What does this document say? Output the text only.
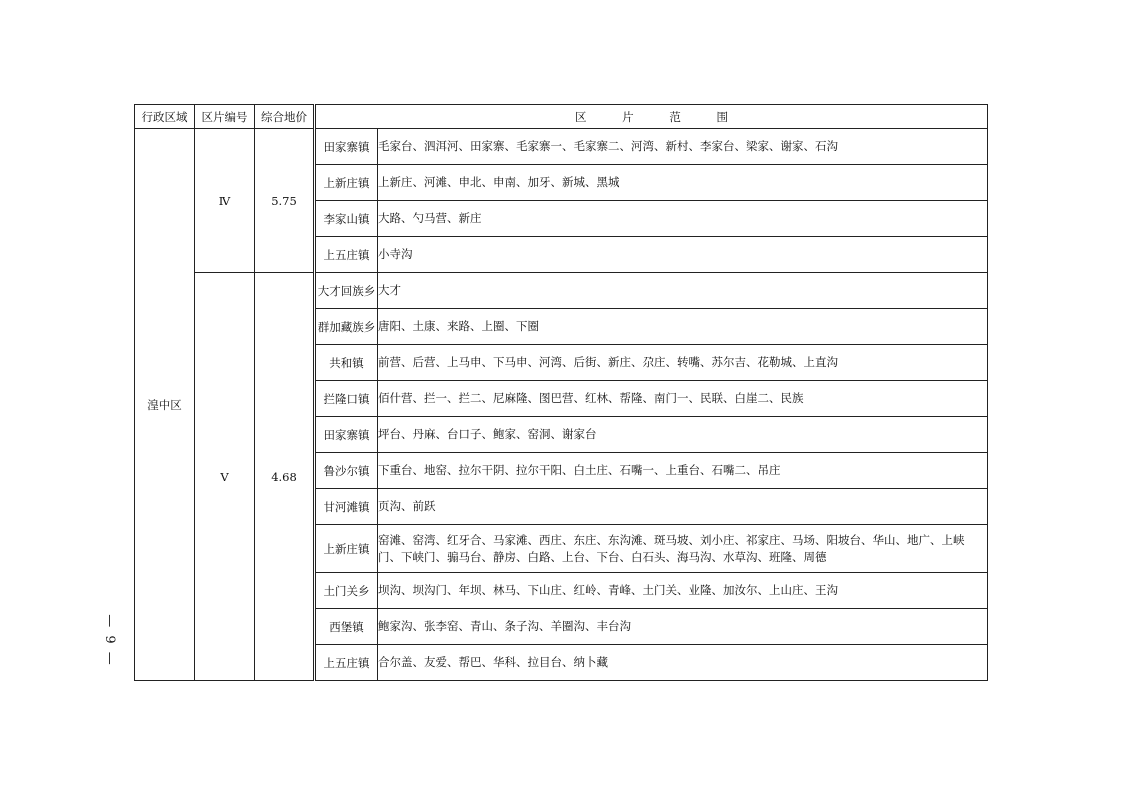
行政区域	区片编号	综合地价	区 片 范 围	
湟中区	Ⅳ	5.75	田家寨镇	毛家台、泗洱河、田家寨、毛家寨一、毛家寨二、河湾、新村、李家台、梁家、谢家、石沟
			上新庄镇	上新庄、河滩、申北、申南、加牙、新城、黑城
			李家山镇	大路、勺马营、新庄
			上五庄镇	小寺沟
	Ⅴ	4.68	大才回族乡	大才
			群加藏族乡	唐阳、土康、来路、上圈、下圈
			共和镇	前营、后营、上马申、下马申、河湾、后街、新庄、尕庄、转嘴、苏尔吉、花勒城、上直沟
			拦隆口镇	佰什营、拦一、拦二、尼麻隆、图巴营、红林、帮隆、南门一、民联、白崖二、民族
			田家寨镇	坪台、丹麻、台口子、鲍家、窑洞、谢家台
			鲁沙尔镇	下重台、地窑、拉尔干阴、拉尔干阳、白土庄、石嘴一、上重台、石嘴二、吊庄
			甘河滩镇	页沟、前跃
			上新庄镇	窑滩、窑湾、红牙合、马家滩、西庄、东庄、东沟滩、斑马坡、刘小庄、祁家庄、马场、阳坡台、华山、地广、上峡门、下峡门、骟马台、静房、白路、上台、下台、白石头、海马沟、水草沟、班隆、周德
			土门关乡	坝沟、坝沟门、年坝、林马、下山庄、红岭、青峰、土门关、业隆、加汝尔、上山庄、王沟
			西堡镇	鲍家沟、张李窑、青山、条子沟、羊圈沟、丰台沟
			上五庄镇	合尔盖、友爱、帮巴、华科、拉目台、纳卜藏
— 9 —
